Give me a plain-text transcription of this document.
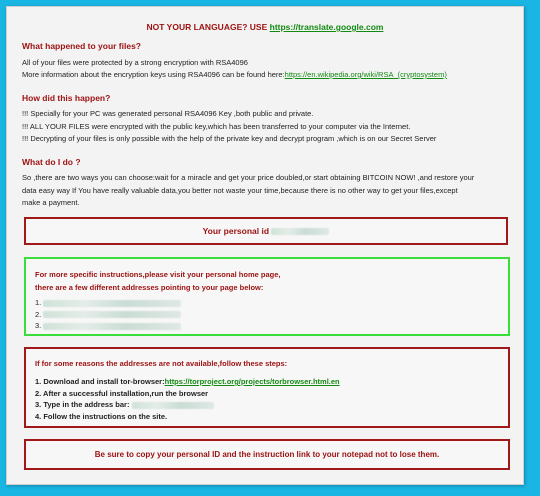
NOT YOUR LANGUAGE? USE https://translate.google.com
What happened to your files?
All of your files were protected by a strong encryption with RSA4096
More information about the encryption keys using RSA4096 can be found here:https://en.wikipedia.org/wiki/RSA_(cryptosystem)
How did this happen?
!!! Specially for your PC was generated personal RSA4096 Key ,both public and private.
!!! ALL YOUR FILES were encrypted with the public key,which has been transferred to your computer via the Internet.
!!! Decrypting of your files is only possible with the help of the private key and decrypt program ,which is on our Secret Server
What do I do ?
So ,there are two ways you can choose:wait for a miracle and get your price doubled,or start obtaining BITCOIN NOW! ,and restore your
data easy way If You have really valuable data,you better not waste your time,because there is no other way to get your files,except
make a payment.
Your personal id
For more specific instructions,please visit your personal home page,
there are a few different addresses pointing to your page below:
1.
2.
3.
If for some reasons the addresses are not available,follow these steps:
1. Download and install tor-browser:https://torproject.org/projects/torbrowser.html.en
2. After a successful installation,run the browser
3. Type in the address bar:
4. Follow the instructions on the site.
Be sure to copy your personal ID and the instruction link to your notepad not to lose them.
